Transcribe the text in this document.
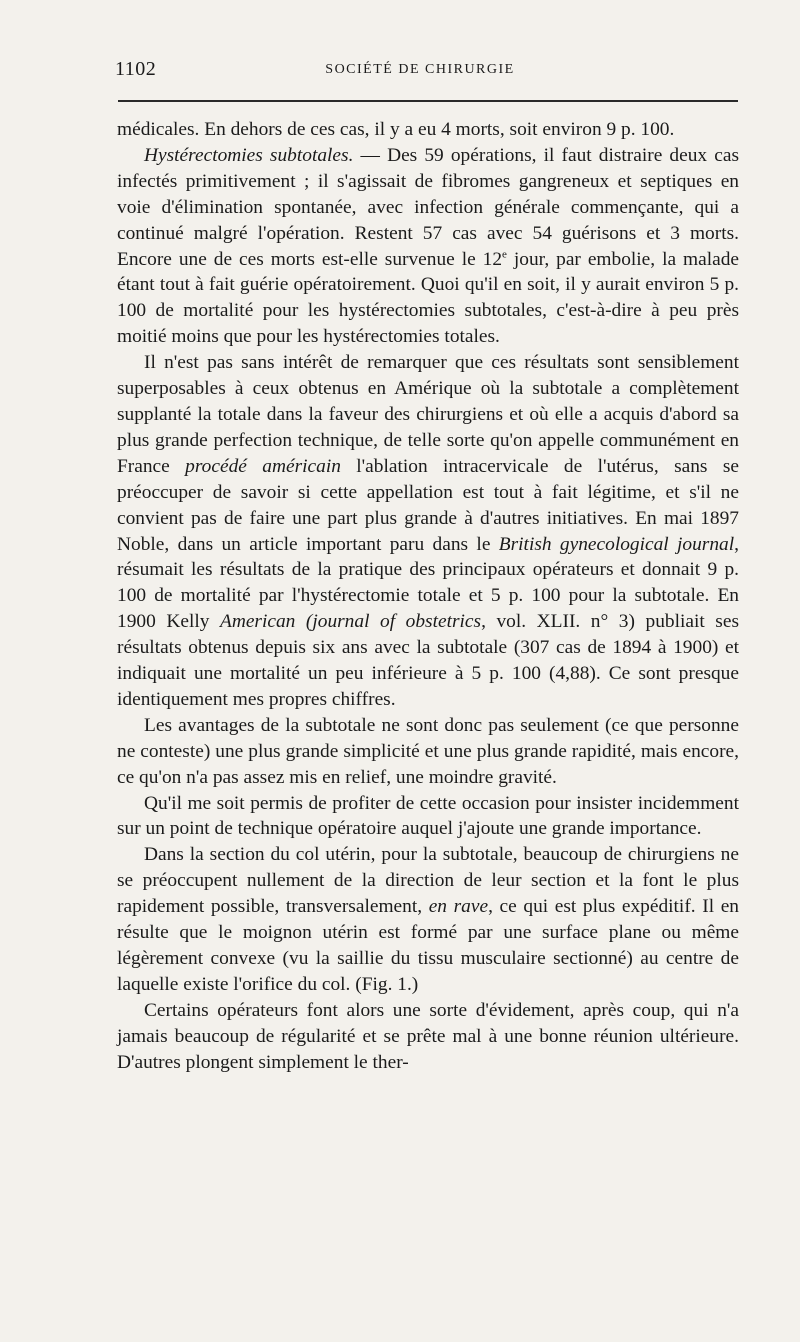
1102	SOCIÉTÉ DE CHIRURGIE

médicales. En dehors de ces cas, il y a eu 4 morts, soit environ 9 p. 100.

Hystérectomies subtotales. — Des 59 opérations, il faut distraire deux cas infectés primitivement ; il s'agissait de fibromes gangreneux et septiques en voie d'élimination spontanée, avec infection générale commençante, qui a continué malgré l'opération. Restent 57 cas avec 54 guérisons et 3 morts. Encore une de ces morts est-elle survenue le 12e jour, par embolie, la malade étant tout à fait guérie opératoirement. Quoi qu'il en soit, il y aurait environ 5 p. 100 de mortalité pour les hystérectomies subtotales, c'est-à-dire à peu près moitié moins que pour les hystérectomies totales.

Il n'est pas sans intérêt de remarquer que ces résultats sont sensiblement superposables à ceux obtenus en Amérique où la subtotale a complètement supplanté la totale dans la faveur des chirurgiens et où elle a acquis d'abord sa plus grande perfection technique, de telle sorte qu'on appelle communément en France procédé américain l'ablation intracervicale de l'utérus, sans se préoccuper de savoir si cette appellation est tout à fait légitime, et s'il ne convient pas de faire une part plus grande à d'autres initiatives. En mai 1897 Noble, dans un article important paru dans le British gynecological journal, résumait les résultats de la pratique des principaux opérateurs et donnait 9 p. 100 de mortalité par l'hystérectomie totale et 5 p. 100 pour la subtotale. En 1900 Kelly American (journal of obstetrics, vol. XLII. n° 3) publiait ses résultats obtenus depuis six ans avec la subtotale (307 cas de 1894 à 1900) et indiquait une mortalité un peu inférieure à 5 p. 100 (4,88). Ce sont presque identiquement mes propres chiffres.

Les avantages de la subtotale ne sont donc pas seulement (ce que personne ne conteste) une plus grande simplicité et une plus grande rapidité, mais encore, ce qu'on n'a pas assez mis en relief, une moindre gravité.

Qu'il me soit permis de profiter de cette occasion pour insister incidemment sur un point de technique opératoire auquel j'ajoute une grande importance.

Dans la section du col utérin, pour la subtotale, beaucoup de chirurgiens ne se préoccupent nullement de la direction de leur section et la font le plus rapidement possible, transversalement, en rave, ce qui est plus expéditif. Il en résulte que le moignon utérin est formé par une surface plane ou même légèrement convexe (vu la saillie du tissu musculaire sectionné) au centre de laquelle existe l'orifice du col. (Fig. 1.)

Certains opérateurs font alors une sorte d'évidement, après coup, qui n'a jamais beaucoup de régularité et se prête mal à une bonne réunion ultérieure. D'autres plongent simplement le ther-
